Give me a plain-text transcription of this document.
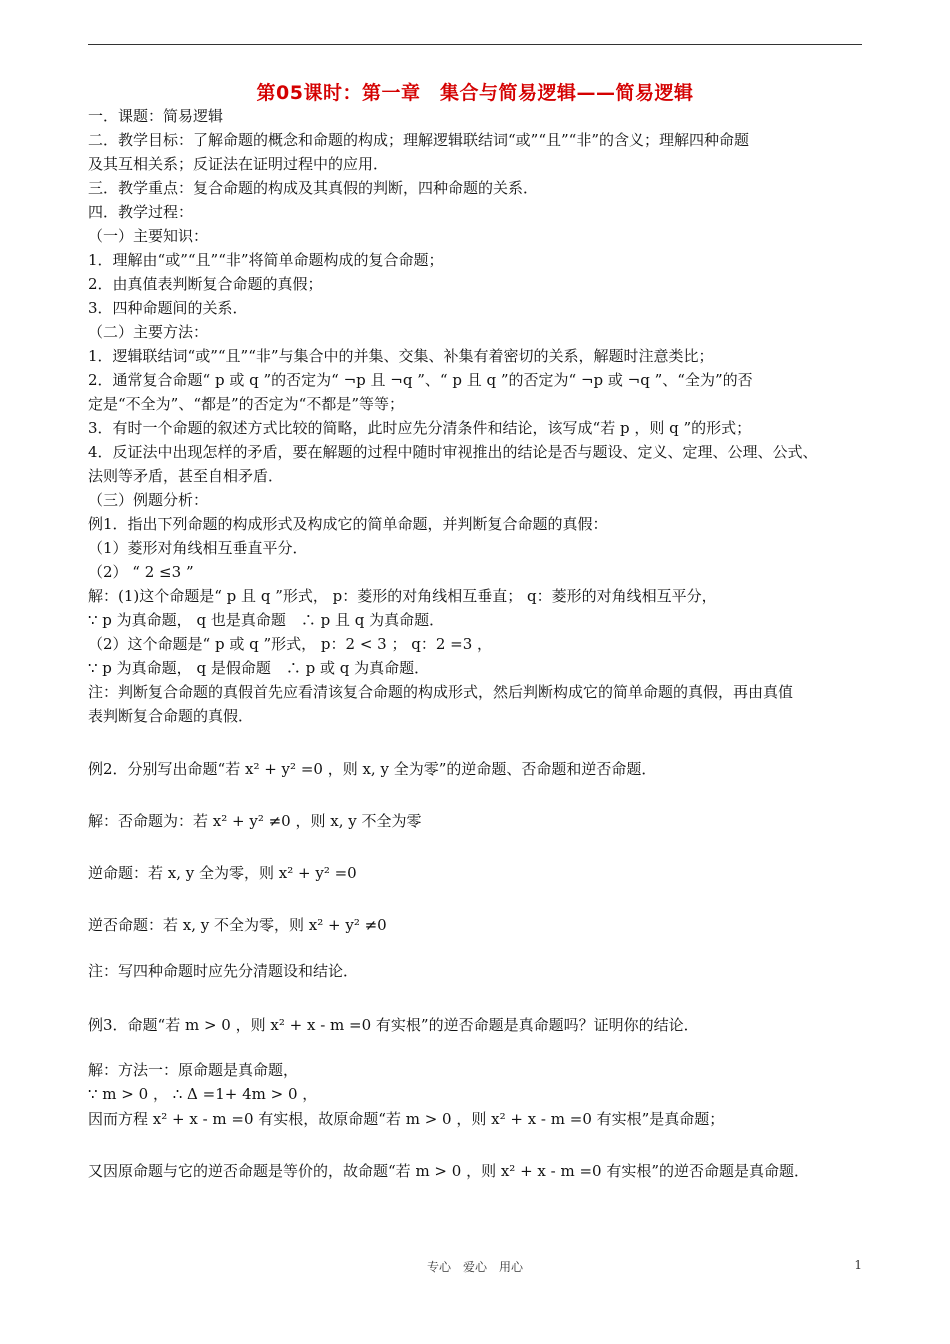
第05课时：第一章　集合与简易逻辑——简易逻辑
一．课题：简易逻辑
二．教学目标：了解命题的概念和命题的构成；理解逻辑联结词“或”“且”“非”的含义；理解四种命题
及其互相关系；反证法在证明过程中的应用．
三．教学重点：复合命题的构成及其真假的判断，四种命题的关系．
四．教学过程：
（一）主要知识：
1．理解由“或”“且”“非”将简单命题构成的复合命题；
2．由真值表判断复合命题的真假；
3．四种命题间的关系．
（二）主要方法：
1．逻辑联结词“或”“且”“非”与集合中的并集、交集、补集有着密切的关系，解题时注意类比；
2．通常复合命题“ p 或 q ”的否定为“ ¬p 且 ¬q ”、“ p 且 q ”的否定为“ ¬p 或 ¬q ”、“全为”的否
定是“不全为”、“都是”的否定为“不都是”等等；
3．有时一个命题的叙述方式比较的简略，此时应先分清条件和结论，该写成“若 p ，则 q ”的形式；
4．反证法中出现怎样的矛盾，要在解题的过程中随时审视推出的结论是否与题设、定义、定理、公理、公式、
法则等矛盾，甚至自相矛盾．
（三）例题分析：
例1．指出下列命题的构成形式及构成它的简单命题，并判断复合命题的真假：
（1）菱形对角线相互垂直平分．
（2） “ 2 ≤3 ”
解：(1)这个命题是“ p 且 q ”形式， p：菱形的对角线相互垂直； q：菱形的对角线相互平分，
∵ p 为真命题， q 也是真命题　∴ p 且 q 为真命题．
（2）这个命题是“ p 或 q ”形式， p：2 < 3 ； q：2 =3 ，
∵ p 为真命题， q 是假命题　∴ p 或 q 为真命题．
注：判断复合命题的真假首先应看清该复合命题的构成形式，然后判断构成它的简单命题的真假，再由真值
表判断复合命题的真假．
例2．分别写出命题“若 x² + y² =0 ，则 x, y 全为零”的逆命题、否命题和逆否命题．
解：否命题为：若 x² + y² ≠0 ，则 x, y 不全为零
逆命题：若 x, y 全为零，则 x² + y² =0
逆否命题：若 x, y 不全为零，则 x² + y² ≠0
注：写四种命题时应先分清题设和结论．
例3．命题“若 m > 0 ，则 x² + x - m =0 有实根”的逆否命题是真命题吗？证明你的结论．
解：方法一：原命题是真命题，
∵ m > 0 ， ∴ Δ =1+ 4m > 0 ，
因而方程 x² + x - m =0 有实根，故原命题“若 m > 0 ，则 x² + x - m =0 有实根”是真命题；
又因原命题与它的逆否命题是等价的，故命题“若 m > 0 ，则 x² + x - m =0 有实根”的逆否命题是真命题．
专心　爱心　用心	1
